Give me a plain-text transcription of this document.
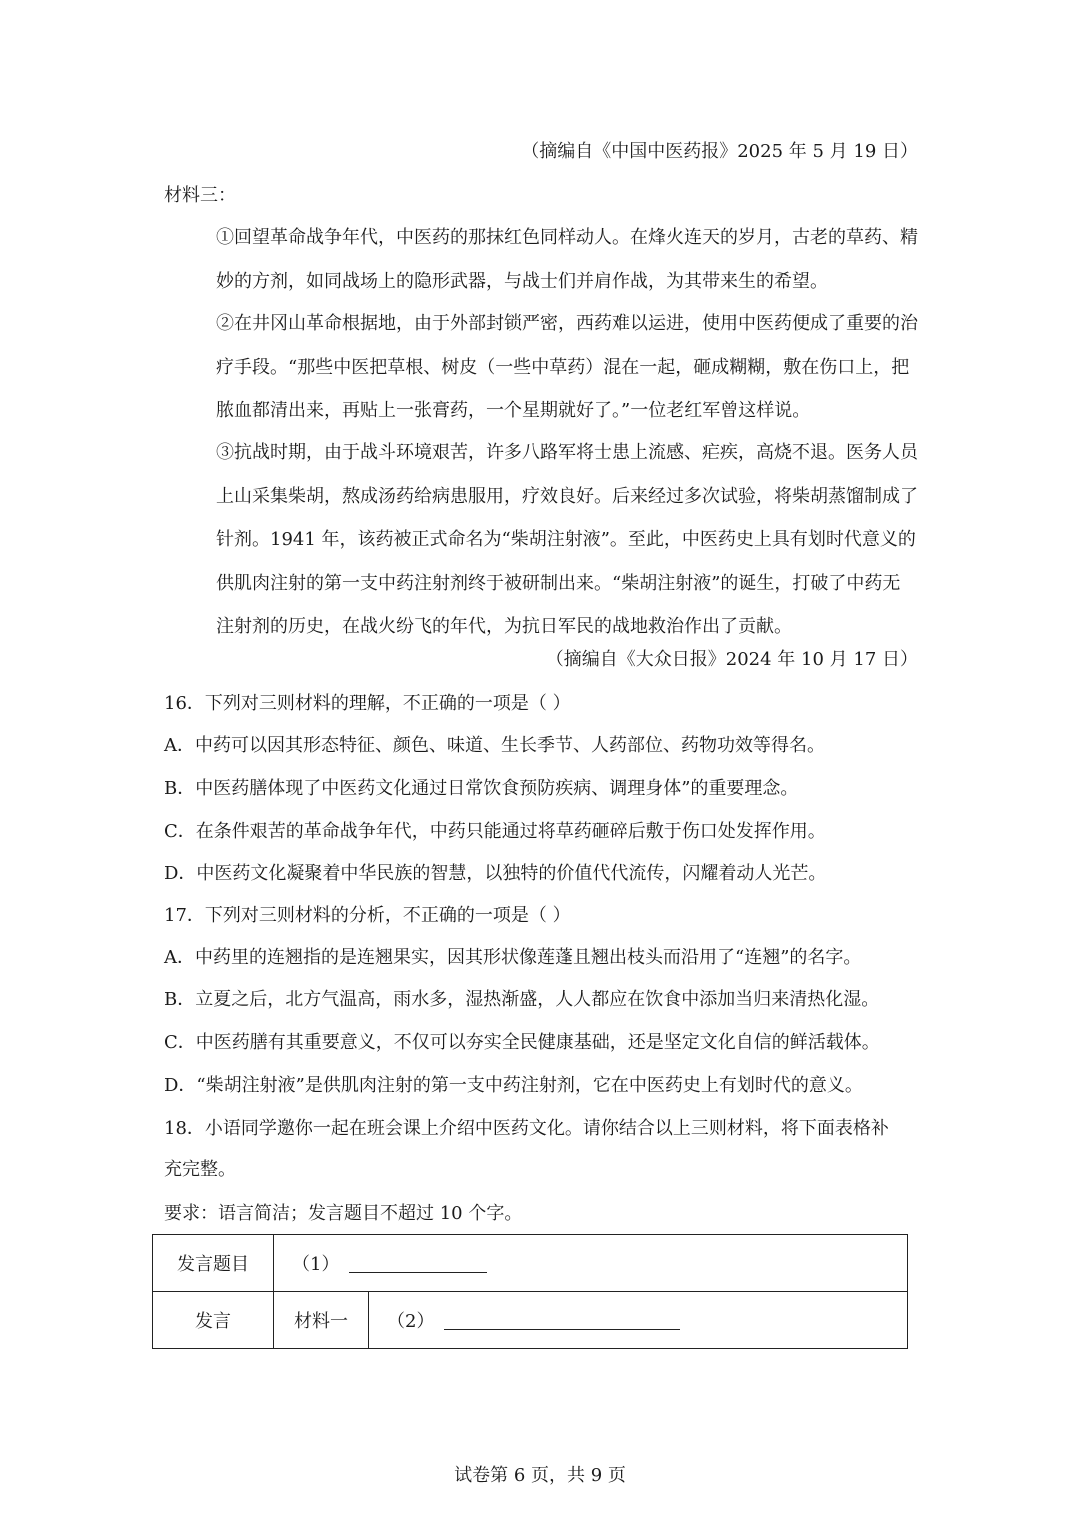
（摘编自《中国中医药报》2025 年 5 月 19 日）
材料三：
①回望革命战争年代，中医药的那抹红色同样动人。在烽火连天的岁月，古老的草药、精妙的方剂，如同战场上的隐形武器，与战士们并肩作战，为其带来生的希望。
②在井冈山革命根据地，由于外部封锁严密，西药难以运进，使用中医药便成了重要的治疗手段。“那些中医把草根、树皮（一些中草药）混在一起，砸成糊糊，敷在伤口上，把脓血都清出来，再贴上一张膏药，一个星期就好了。”一位老红军曾这样说。
③抗战时期，由于战斗环境艰苦，许多八路军将士患上流感、疟疾，高烧不退。医务人员上山采集柴胡，熬成汤药给病患服用，疗效良好。后来经过多次试验，将柴胡蒸馏制成了针剂。1941 年，该药被正式命名为“柴胡注射液”。至此，中医药史上具有划时代意义的供肌肉注射的第一支中药注射剂终于被研制出来。“柴胡注射液”的诞生，打破了中药无注射剂的历史，在战火纷飞的年代，为抗日军民的战地救治作出了贡献。
（摘编自《大众日报》2024 年 10 月 17 日）
16．下列对三则材料的理解，不正确的一项是（ ）
A．中药可以因其形态特征、颜色、味道、生长季节、人药部位、药物功效等得名。
B．中医药膳体现了中医药文化通过日常饮食预防疾病、调理身体”的重要理念。
C．在条件艰苦的革命战争年代，中药只能通过将草药砸碎后敷于伤口处发挥作用。
D．中医药文化凝聚着中华民族的智慧，以独特的价值代代流传，闪耀着动人光芒。
17．下列对三则材料的分析，不正确的一项是（ ）
A．中药里的连翘指的是连翘果实，因其形状像莲蓬且翘出枝头而沿用了“连翘”的名字。
B．立夏之后，北方气温高，雨水多，湿热渐盛，人人都应在饮食中添加当归来清热化湿。
C．中医药膳有其重要意义，不仅可以夯实全民健康基础，还是坚定文化自信的鲜活载体。
D．“柴胡注射液”是供肌肉注射的第一支中药注射剂，它在中医药史上有划时代的意义。
18．小语同学邀你一起在班会课上介绍中医药文化。请你结合以上三则材料，将下面表格补
充完整。
要求：语言简洁；发言题目不超过 10 个字。
发言题目	（1）	
发言	材料一	（2）
试卷第 6 页，共 9 页
